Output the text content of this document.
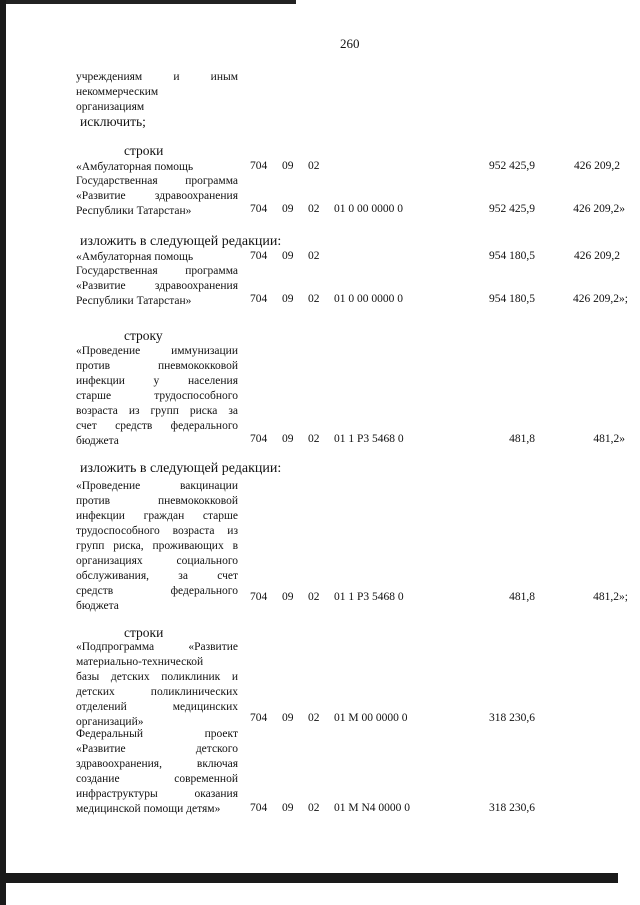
260
учреждениям и иным
некоммерческим
организациям
исключить;
строки
«Амбулаторная помощь	704 09 02	952 425,9	426 209,2
Государственная программа
«Развитие здравоохранения
Республики Татарстан»	704 09 02 01 0 00 0000 0	952 425,9	426 209,2»
изложить в следующей редакции:
«Амбулаторная помощь	704 09 02	954 180,5	426 209,2
Государственная программа
«Развитие здравоохранения
Республики Татарстан»	704 09 02 01 0 00 0000 0	954 180,5	426 209,2»;
строку
«Проведение иммунизации
против пневмококковой
инфекции у населения
старше трудоспособного
возраста из групп риска за
счет средств федерального
бюджета	704 09 02 01 1 Р3 5468 0	481,8	481,2»
изложить в следующей редакции:
«Проведение вакцинации
против пневмококковой
инфекции граждан старше
трудоспособного возраста из
групп риска, проживающих в
организациях социального
обслуживания, за счет
средств федерального
бюджета
704 09 02 01 1 Р3 5468 0	481,8	481,2»;
строки
«Подпрограмма «Развитие
материально-технической
базы детских поликлиник и
детских поликлинических
отделений медицинских
организаций»	704 09 02 01 М 00 0000 0	318 230,6
Федеральный проект
«Развитие детского
здравоохранения, включая
создание современной
инфраструктуры оказания
медицинской помощи детям»	704 09 02 01 М N4 0000 0	318 230,6
